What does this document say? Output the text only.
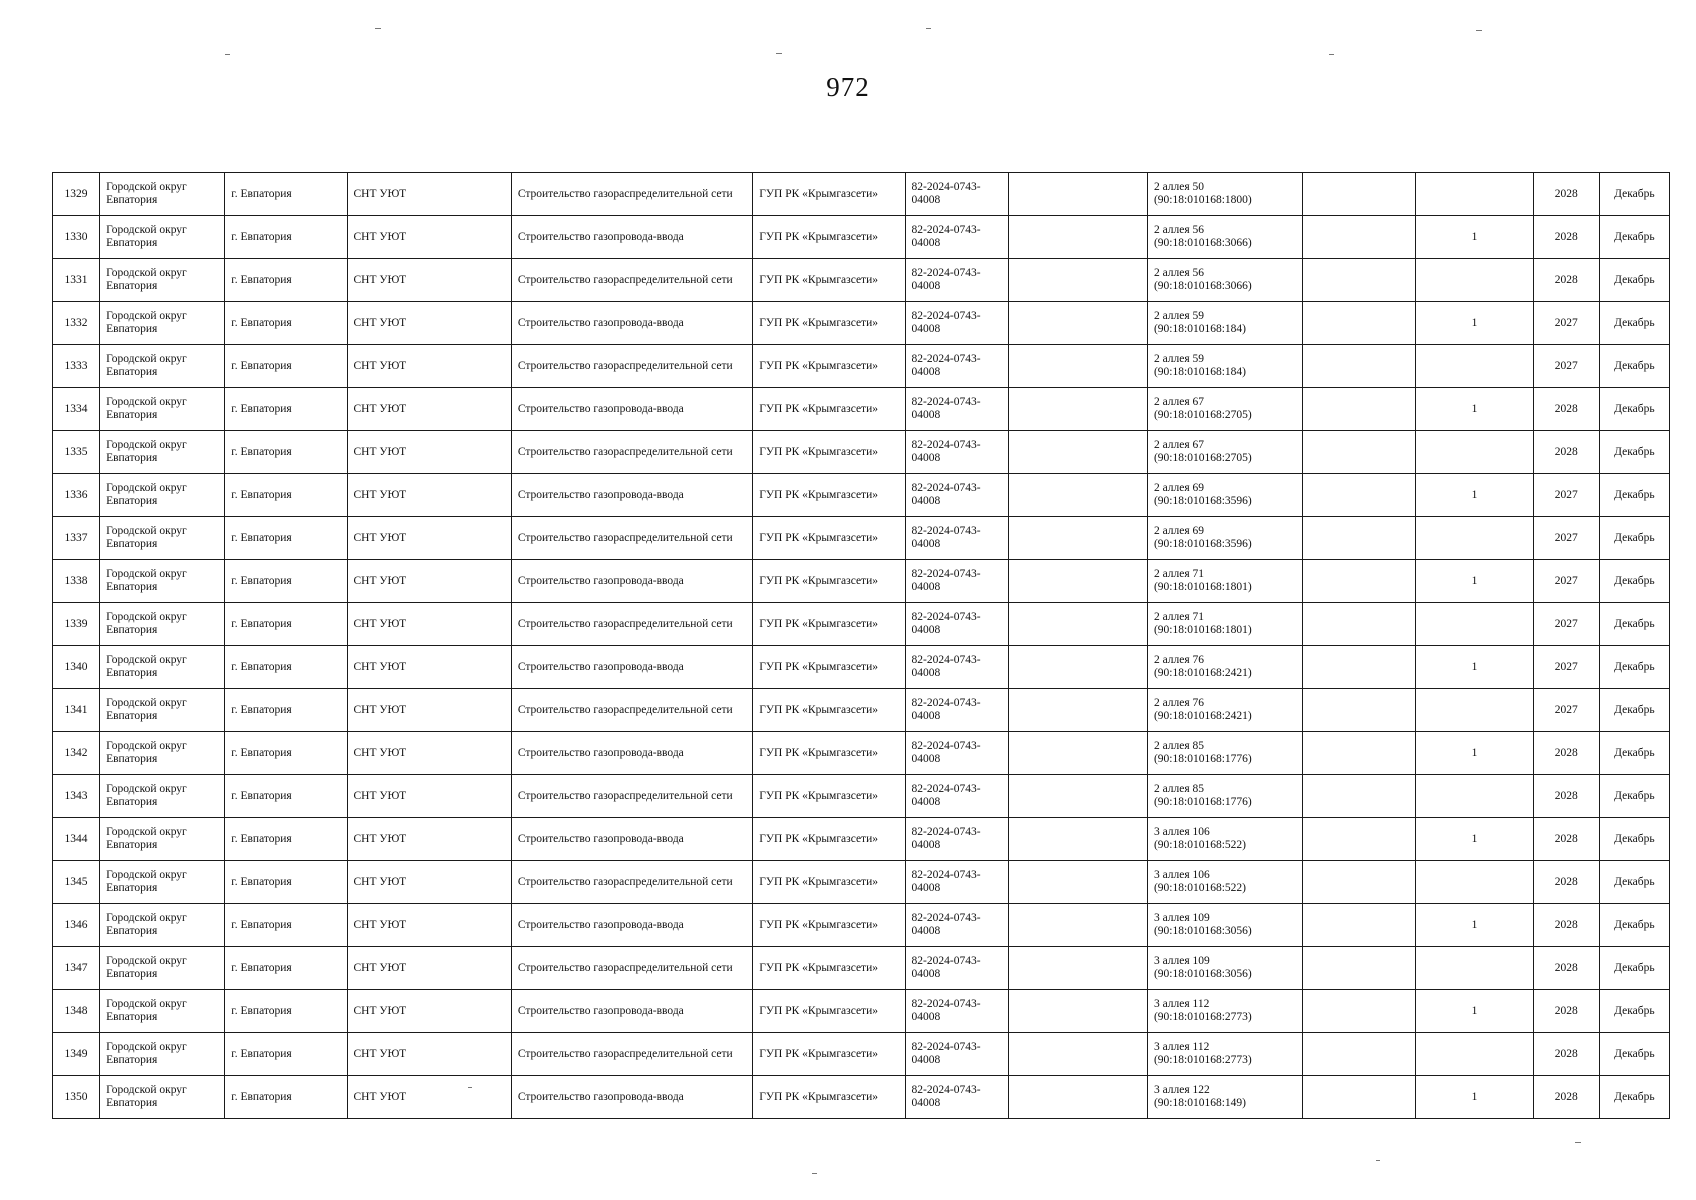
972
1329	Городской округ Евпатория	г. Евпатория	СНТ УЮТ	Строительство газораспределительной сети	ГУП РК «Крымгазсети»	82-2024-0743-04008		2 аллея 50 (90:18:010168:1800)			2028	Декабрь
1330	Городской округ Евпатория	г. Евпатория	СНТ УЮТ	Строительство газопровода-ввода	ГУП РК «Крымгазсети»	82-2024-0743-04008		2 аллея 56 (90:18:010168:3066)		1	2028	Декабрь
1331	Городской округ Евпатория	г. Евпатория	СНТ УЮТ	Строительство газораспределительной сети	ГУП РК «Крымгазсети»	82-2024-0743-04008		2 аллея 56 (90:18:010168:3066)			2028	Декабрь
1332	Городской округ Евпатория	г. Евпатория	СНТ УЮТ	Строительство газопровода-ввода	ГУП РК «Крымгазсети»	82-2024-0743-04008		2 аллея 59 (90:18:010168:184)		1	2027	Декабрь
1333	Городской округ Евпатория	г. Евпатория	СНТ УЮТ	Строительство газораспределительной сети	ГУП РК «Крымгазсети»	82-2024-0743-04008		2 аллея 59 (90:18:010168:184)			2027	Декабрь
1334	Городской округ Евпатория	г. Евпатория	СНТ УЮТ	Строительство газопровода-ввода	ГУП РК «Крымгазсети»	82-2024-0743-04008		2 аллея 67 (90:18:010168:2705)		1	2028	Декабрь
1335	Городской округ Евпатория	г. Евпатория	СНТ УЮТ	Строительство газораспределительной сети	ГУП РК «Крымгазсети»	82-2024-0743-04008		2 аллея 67 (90:18:010168:2705)			2028	Декабрь
1336	Городской округ Евпатория	г. Евпатория	СНТ УЮТ	Строительство газопровода-ввода	ГУП РК «Крымгазсети»	82-2024-0743-04008		2 аллея 69 (90:18:010168:3596)		1	2027	Декабрь
1337	Городской округ Евпатория	г. Евпатория	СНТ УЮТ	Строительство газораспределительной сети	ГУП РК «Крымгазсети»	82-2024-0743-04008		2 аллея 69 (90:18:010168:3596)			2027	Декабрь
1338	Городской округ Евпатория	г. Евпатория	СНТ УЮТ	Строительство газопровода-ввода	ГУП РК «Крымгазсети»	82-2024-0743-04008		2 аллея 71 (90:18:010168:1801)		1	2027	Декабрь
1339	Городской округ Евпатория	г. Евпатория	СНТ УЮТ	Строительство газораспределительной сети	ГУП РК «Крымгазсети»	82-2024-0743-04008		2 аллея 71 (90:18:010168:1801)			2027	Декабрь
1340	Городской округ Евпатория	г. Евпатория	СНТ УЮТ	Строительство газопровода-ввода	ГУП РК «Крымгазсети»	82-2024-0743-04008		2 аллея 76 (90:18:010168:2421)		1	2027	Декабрь
1341	Городской округ Евпатория	г. Евпатория	СНТ УЮТ	Строительство газораспределительной сети	ГУП РК «Крымгазсети»	82-2024-0743-04008		2 аллея 76 (90:18:010168:2421)			2027	Декабрь
1342	Городской округ Евпатория	г. Евпатория	СНТ УЮТ	Строительство газопровода-ввода	ГУП РК «Крымгазсети»	82-2024-0743-04008		2 аллея 85 (90:18:010168:1776)		1	2028	Декабрь
1343	Городской округ Евпатория	г. Евпатория	СНТ УЮТ	Строительство газораспределительной сети	ГУП РК «Крымгазсети»	82-2024-0743-04008		2 аллея 85 (90:18:010168:1776)			2028	Декабрь
1344	Городской округ Евпатория	г. Евпатория	СНТ УЮТ	Строительство газопровода-ввода	ГУП РК «Крымгазсети»	82-2024-0743-04008		3 аллея 106 (90:18:010168:522)		1	2028	Декабрь
1345	Городской округ Евпатория	г. Евпатория	СНТ УЮТ	Строительство газораспределительной сети	ГУП РК «Крымгазсети»	82-2024-0743-04008		3 аллея 106 (90:18:010168:522)			2028	Декабрь
1346	Городской округ Евпатория	г. Евпатория	СНТ УЮТ	Строительство газопровода-ввода	ГУП РК «Крымгазсети»	82-2024-0743-04008		3 аллея 109 (90:18:010168:3056)		1	2028	Декабрь
1347	Городской округ Евпатория	г. Евпатория	СНТ УЮТ	Строительство газораспределительной сети	ГУП РК «Крымгазсети»	82-2024-0743-04008		3 аллея 109 (90:18:010168:3056)			2028	Декабрь
1348	Городской округ Евпатория	г. Евпатория	СНТ УЮТ	Строительство газопровода-ввода	ГУП РК «Крымгазсети»	82-2024-0743-04008		3 аллея 112 (90:18:010168:2773)		1	2028	Декабрь
1349	Городской округ Евпатория	г. Евпатория	СНТ УЮТ	Строительство газораспределительной сети	ГУП РК «Крымгазсети»	82-2024-0743-04008		3 аллея 112 (90:18:010168:2773)			2028	Декабрь
1350	Городской округ Евпатория	г. Евпатория	СНТ УЮТ	Строительство газопровода-ввода	ГУП РК «Крымгазсети»	82-2024-0743-04008		3 аллея 122 (90:18:010168:149)		1	2028	Декабрь
